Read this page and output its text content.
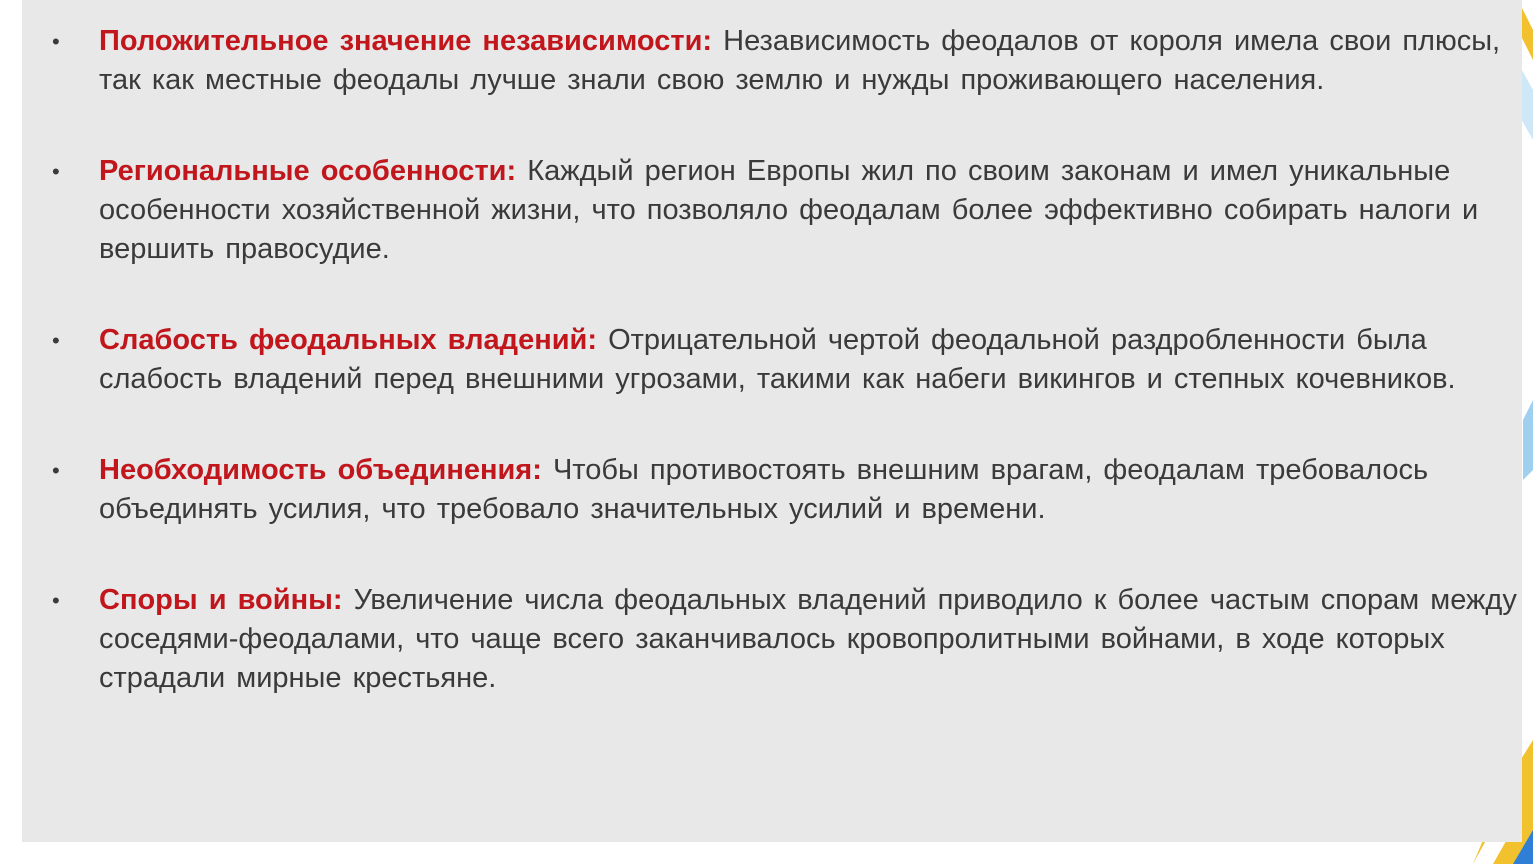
• Положительное значение независимости: Независимость феодалов от короля имела свои плюсы, так как местные феодалы лучше знали свою землю и нужды проживающего населения.
• Региональные особенности: Каждый регион Европы жил по своим законам и имел уникальные особенности хозяйственной жизни, что позволяло феодалам более эффективно собирать налоги и вершить правосудие.
• Слабость феодальных владений: Отрицательной чертой феодальной раздробленности была слабость владений перед внешними угрозами, такими как набеги викингов и степных кочевников.
• Необходимость объединения: Чтобы противостоять внешним врагам, феодалам требовалось объединять усилия, что требовало значительных усилий и времени.
• Споры и войны: Увеличение числа феодальных владений приводило к более частым спорам между соседями-феодалами, что чаще всего заканчивалось кровопролитными войнами, в ходе которых страдали мирные крестьяне.
